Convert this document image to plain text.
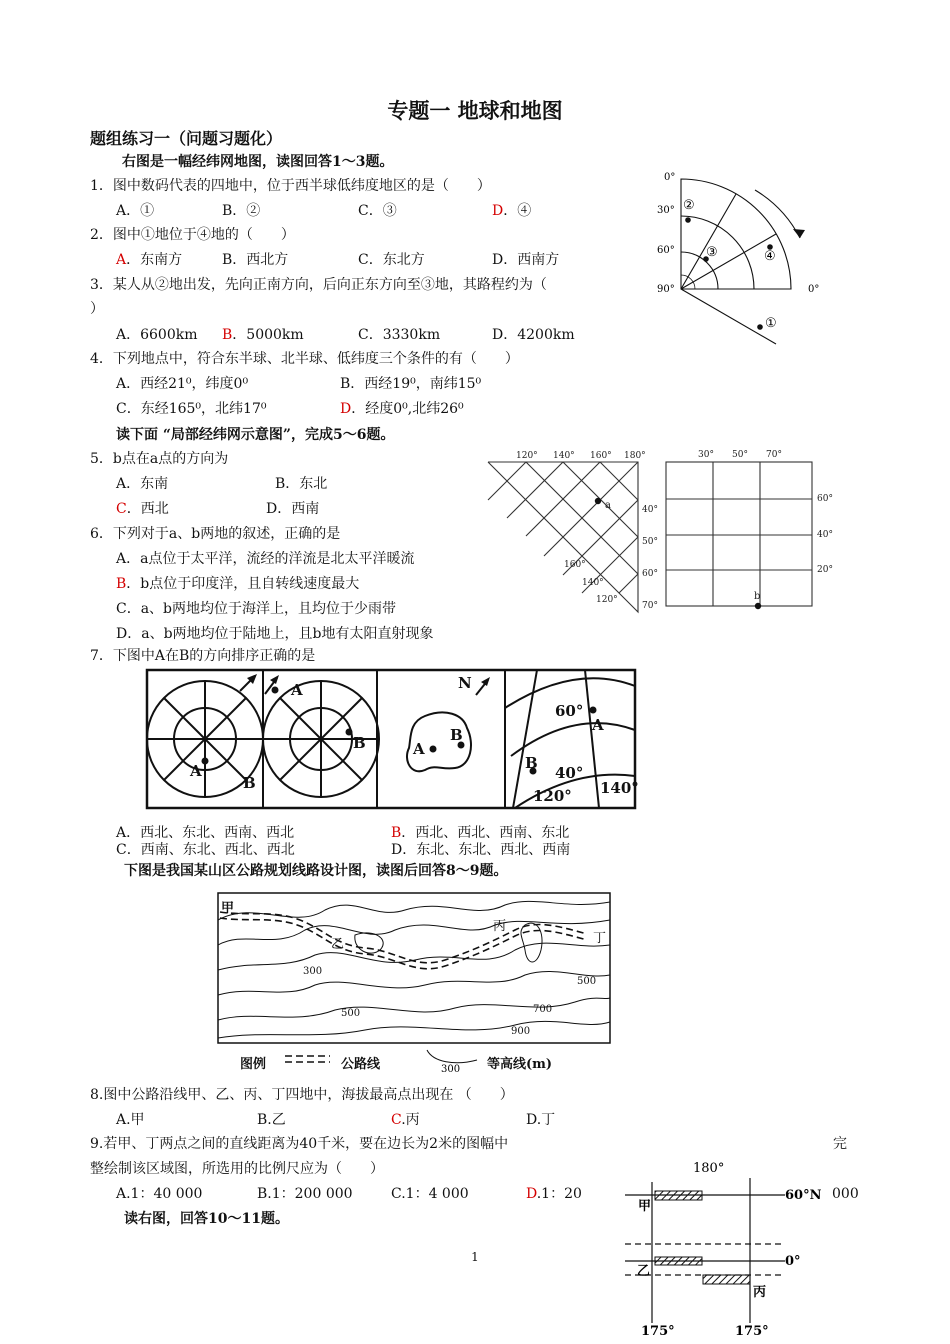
专题一 地球和地图
题组练习一（问题习题化）
右图是一幅经纬网地图，读图回答1～3题。
1．图中数码代表的四地中，位于西半球低纬度地区的是（　　）
A．①	B．②	C．③	D．④
2．图中①地位于④地的（　　）
A．东南方	B．西北方	C．东北方	D．西南方
3．某人从②地出发，先向正南方向，后向正东方向至③地，其路程约为（
）
A．6600km B．5000km	C．3330km	D．4200km
4．下列地点中，符合东半球、北半球、低纬度三个条件的有（　　）
A．西经21⁰，纬度0⁰	B．西经19⁰，南纬15⁰
C．东经165⁰，北纬17⁰	D．经度0⁰,北纬26⁰
读下面 “局部经纬网示意图”，完成5～6题。
5．b点在a点的方向为
A．东南	B．东北
C．西北	D．西南
6．下列对于a、b两地的叙述，正确的是
A．a点位于太平洋，流经的洋流是北太平洋暖流
B．b点位于印度洋，且自转线速度最大
C．a、b两地均位于海洋上，且均位于少雨带
D．a、b两地均位于陆地上，且b地有太阳直射现象
7．下图中A在B的方向排序正确的是
A．西北、东北、西南、西北	B．西北、西北、西南、东北
C．西南、东北、西北、西北	D．东北、东北、西北、西南
下图是我国某山区公路规划线路设计图，读图后回答8～9题。
8.图中公路沿线甲、乙、丙、丁四地中，海拔最高点出现在 （　　）
A.甲	B.乙	C.丙	D.丁
9.若甲、丁两点之间的直线距离为40千米，要在边长为2米的图幅中	完
整绘制该区域图，所选用的比例尺应为（　　）
A.1：40 000	B.1：200 000	C.1：4 000	D.1：20	000
读右图，回答10～11题。
1
0°
30°
60°
90°	0°
①
②
③	④
120° 140° 160° 180°
40°
50°
60°
70°
160°
140°
120°
a
30° 50° 70°
60°
40°
20°
b
A
B
A
B
N
A
B
60°
A
B
40°
120° 140°
甲
乙
丙
丁
300
500
500
700
900
图例	公路线	等高线(m)
300
180°
60°N
0°
甲
乙
丙
175°	175°
